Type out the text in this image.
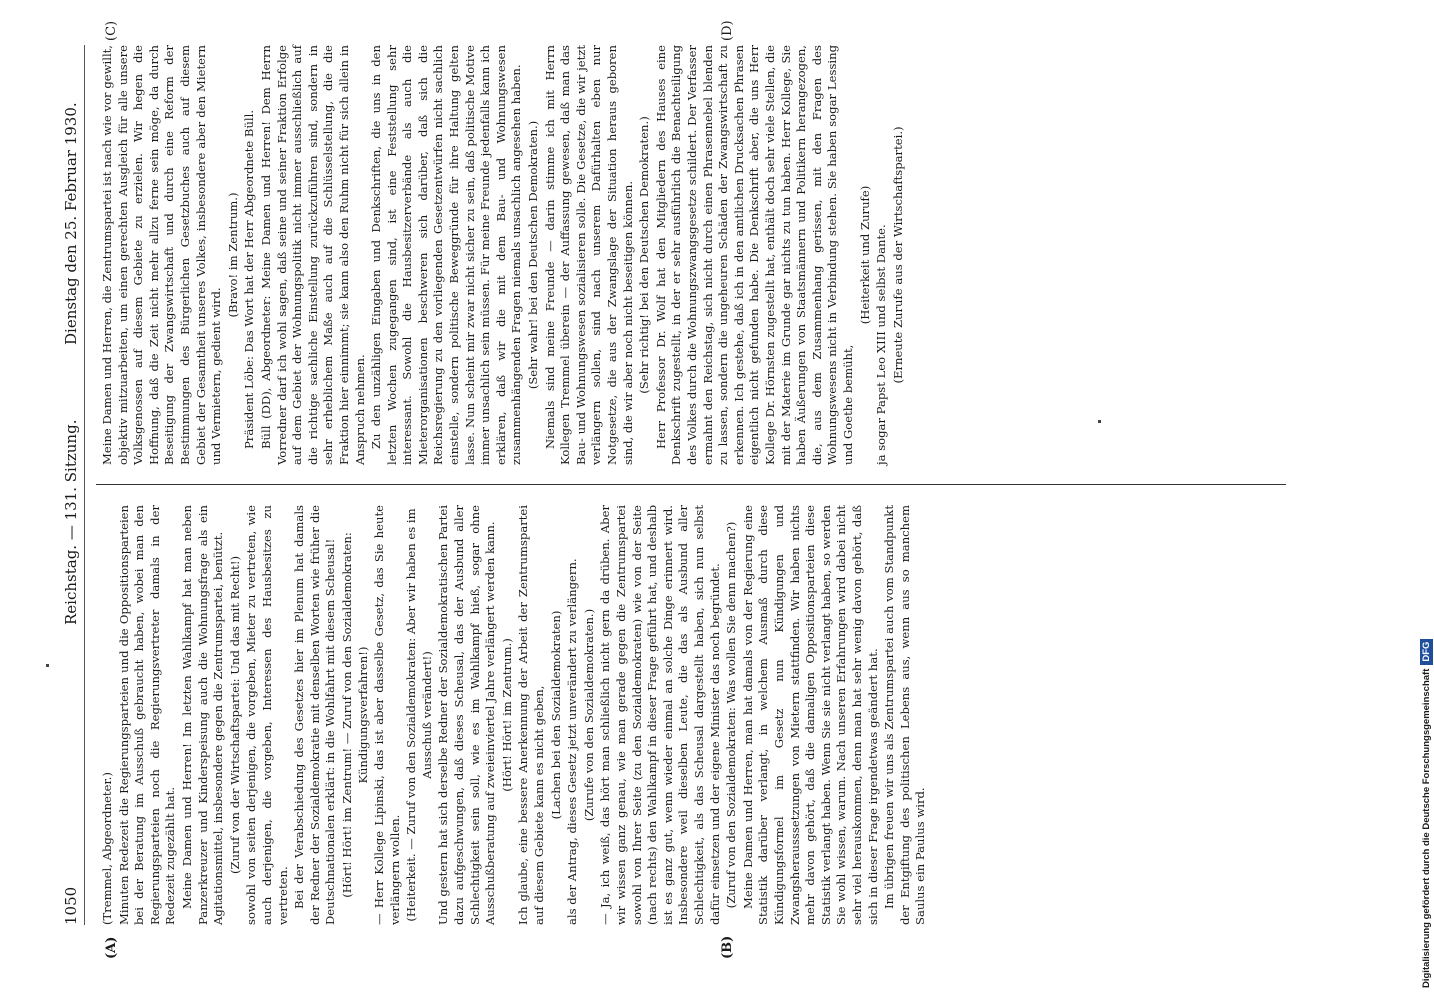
1050
Reichstag. — 131. Sitzung.
Dienstag den 25. Februar 1930.
(A)	(B)
(C)	(D)

(Tremmel, Abgeordneter.) Minuten Redezeit die Regierungsparteien und die Oppositionsparteien bei der Beratung im Ausschuß gebraucht haben, wobei man den Regierungsparteien noch die Regierungsvertreter damals in der Redezeit zugezählt hat. Meine Damen und Herren! Im letzten Wahlkampf hat man neben Panzerkreuzer und Kinderspeisung auch die Wohnungsfrage als ein Agitationsmittel, insbesondere gegen die Zentrumspartei, benützt. (Zuruf von der Wirtschaftspartei: Und das mit Recht!) sowohl von seiten derjenigen, die vorgeben, Mieter zu vertreten, wie auch derjenigen, die vorgeben, Interessen des Hausbesitzes zu vertreten. Bei der Verabschiedung des Gesetzes hier im Plenum hat damals der Redner der Sozialdemokratie mit denselben Worten wie früher die Deutschnationalen erklärt: in die Wohlfahrt mit diesem Scheusal! (Hört! Hört! im Zentrum! — Zuruf von den Sozialdemokraten: Kündigungsverfahren!) — Herr Kollege Lipinski, das ist aber dasselbe Gesetz, das Sie heute verlängern wollen. (Heiterkeit. — Zuruf von den Sozialdemokraten: Aber wir haben es im Ausschuß verändert!) Und gestern hat sich derselbe Redner der Sozialdemokratischen Partei dazu aufgeschwungen, daß dieses Scheusal, das der Ausbund aller Schlechtigkeit sein soll, wie es im Wahlkampf hieß, sogar ohne Ausschußberatung auf zweieinviertel Jahre verlängert werden kann. (Hört! Hört! im Zentrum.) Ich glaube, eine bessere Anerkennung der Arbeit der Zentrumspartei auf diesem Gebiete kann es nicht geben, (Lachen bei den Sozialdemokraten) als der Antrag, dieses Gesetz jetzt unverändert zu verlängern. (Zurufe von den Sozialdemokraten.) — Ja, ich weiß, das hört man schließlich nicht gern da drüben. Aber wir wissen ganz genau, wie man gerade gegen die Zentrumspartei sowohl von Ihrer Seite (zu den Sozialdemokraten) wie von der Seite (nach rechts) den Wahlkampf in dieser Frage geführt hat, und deshalb ist es ganz gut, wenn wieder einmal an solche Dinge erinnert wird. Insbesondere weil dieselben Leute, die das als Ausbund aller Schlechtigkeit, als das Scheusal dargestellt haben, sich nun selbst dafür einsetzen und der eigene Minister das noch begründet. (Zuruf von den Sozialdemokraten: Was wollen Sie denn machen?) Meine Damen und Herren, man hat damals von der Regierung eine Statistik darüber verlangt, in welchem Ausmaß durch diese Kündigungsformel im Gesetz nun Kündigungen und Zwangsherausssetzungen von Mietern stattfinden. Wir haben nichts mehr davon gehört, daß die damaligen Oppositionsparteien diese Statistik verlangt haben. Wenn Sie sie nicht verlangt haben, so werden Sie wohl wissen, warum. Nach unseren Erfahrungen wird dabei nicht sehr viel herauskommen, denn man hat sehr wenig davon gehört, daß sich in dieser Frage irgendetwas geändert hat. Im übrigen freuen wir uns als Zentrumspartei auch vom Standpunkt der Entgiftung des politischen Lebens aus, wenn aus so manchem Saulus ein Paulus wird.

Meine Damen und Herren, die Zentrumspartei ist nach wie vor gewillt, objektiv mitzuarbeiten, um einen gerechten Ausgleich für alle unsere Volksgenossen auf diesem Gebiete zu erzielen. Wir hegen die Hoffnung, daß die Zeit nicht mehr allzu ferne sein möge, da durch Beseitigung der Zwangswirtschaft und durch eine Reform der Bestimmungen des Bürgerlichen Gesetzbuches auch auf diesem Gebiet der Gesamtheit unseres Volkes, insbesondere aber den Mietern und Vermietern, gedient wird.

(Bravo! im Zentrum.) Präsident Löbe: Das Wort hat der Herr Abgeordnete Büll. Büll (DD), Abgeordneter: Meine Damen und Herren! Dem Herrn Vorredner darf ich wohl sagen, daß seine und seiner Fraktion Erfolge auf dem Gebiet der Wohnungspolitik nicht immer ausschließlich auf die richtige sachliche Einstellung zurückzuführen sind, sondern in sehr erheblichem Maße auch auf die Schlüsselstellung, die die Fraktion hier einnimmt; sie kann also den Ruhm nicht für sich allein in Anspruch nehmen. Zu den unzähligen Eingaben und Denkschriften, die uns in den letzten Wochen zugegangen sind, ist eine Feststellung sehr interessant. Sowohl die Hausbesitzerverbände als auch die Mieterorganisationen beschweren sich darüber, daß sich die Reichsregierung zu den vorliegenden Gesetzentwürfen nicht sachlich einstelle, sondern politische Beweggründe für ihre Haltung gelten lasse. Nun scheint mir zwar nicht sicher zu sein, daß politische Motive immer unsachlich sein müssen. Für meine Freunde jedenfalls kann ich erklären, daß wir die mit dem Bau- und Wohnungswesen zusammenhängenden Fragen niemals unsachlich angesehen haben. (Sehr wahr! bei den Deutschen Demokraten.) Niemals sind meine Freunde — darin stimme ich mit Herrn Kollegen Tremmel überein — der Auffassung gewesen, daß man das Bau- und Wohnungswesen sozialisieren solle. Die Gesetze, die wir jetzt verlängern sollen, sind nach unserem Dafürhalten eben nur Notgesetze, die aus der Zwangslage der Situation heraus geboren sind, die wir aber noch nicht beseitigen können. (Sehr richtig! bei den Deutschen Demokraten.) Herr Professor Dr. Wolf hat den Mitgliedern des Hauses eine Denkschrift zugestellt, in der er sehr ausführlich die Benachteiligung des Volkes durch die Wohnungszwangsgesetze schildert. Der Verfasser ermahnt den Reichstag, sich nicht durch einen Phrasennebel blenden zu lassen, sondern die ungeheuren Schäden der Zwangswirtschaft zu erkennen. Ich gestehe, daß ich in den amtlichen Drucksachen Phrasen eigentlich nicht gefunden habe. Die Denkschrift aber, die uns Herr Kollege Dr. Hörnsten zugestellt hat, enthält doch sehr viele Stellen, die mit der Materie im Grunde gar nichts zu tun haben. Herr Kollege, Sie haben Äußerungen von Staatsmännern und Politikern herangezogen, die, aus dem Zusammenhang gerissen, mit den Fragen des Wohnungswesens nicht in Verbindung stehen. Sie haben sogar Lessing und Goethe bemüht,

(Heiterkeit und Zurufe) ja sogar Papst Leo XIII und selbst Dante. (Erneute Zurufe aus der Wirtschaftspartei.)

Digitalisierung gefördert durch die Deutsche ForschungsgemeinschaftDFG
